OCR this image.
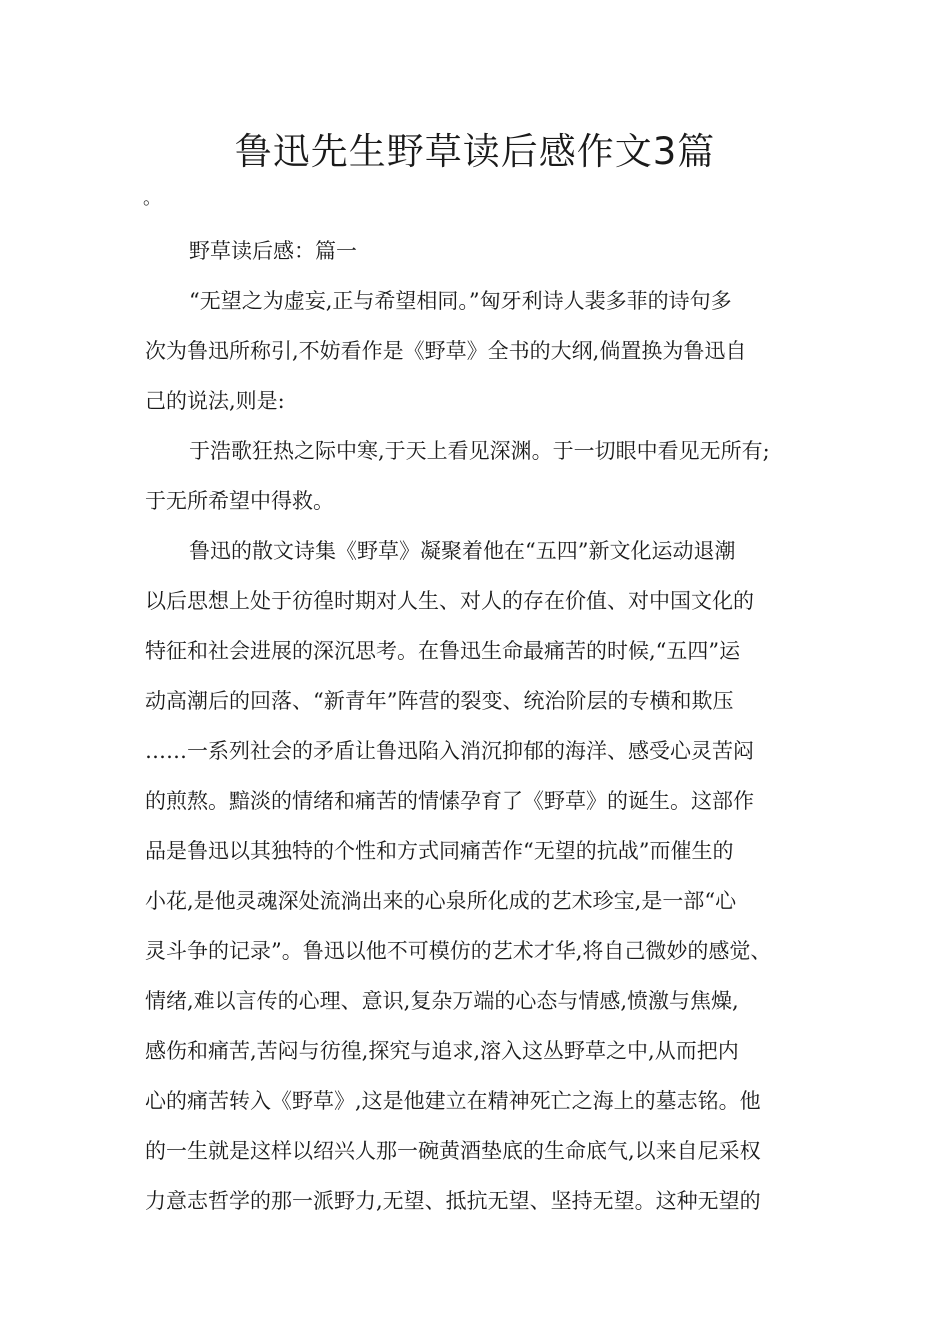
鲁迅先生野草读后感作文3篇
。
野草读后感：篇一
“无望之为虚妄,正与希望相同。”匈牙利诗人裴多菲的诗句多
次为鲁迅所称引,不妨看作是《野草》全书的大纲,倘置换为鲁迅自
己的说法,则是:
于浩歌狂热之际中寒,于天上看见深渊。于一切眼中看见无所有;
于无所希望中得救。
鲁迅的散文诗集《野草》凝聚着他在“五四”新文化运动退潮
以后思想上处于彷徨时期对人生、对人的存在价值、对中国文化的
特征和社会进展的深沉思考。在鲁迅生命最痛苦的时候,“五四”运
动高潮后的回落、“新青年”阵营的裂变、统治阶层的专横和欺压
……一系列社会的矛盾让鲁迅陷入消沉抑郁的海洋、感受心灵苦闷
的煎熬。黯淡的情绪和痛苦的情愫孕育了《野草》的诞生。这部作
品是鲁迅以其独特的个性和方式同痛苦作“无望的抗战”而催生的
小花,是他灵魂深处流淌出来的心泉所化成的艺术珍宝,是一部“心
灵斗争的记录”。鲁迅以他不可模仿的艺术才华,将自己微妙的感觉、
情绪,难以言传的心理、意识,复杂万端的心态与情感,愤激与焦燥,
感伤和痛苦,苦闷与彷徨,探究与追求,溶入这丛野草之中,从而把内
心的痛苦转入《野草》,这是他建立在精神死亡之海上的墓志铭。他
的一生就是这样以绍兴人那一碗黄酒垫底的生命底气,以来自尼采权
力意志哲学的那一派野力,无望、抵抗无望、坚持无望。这种无望的
